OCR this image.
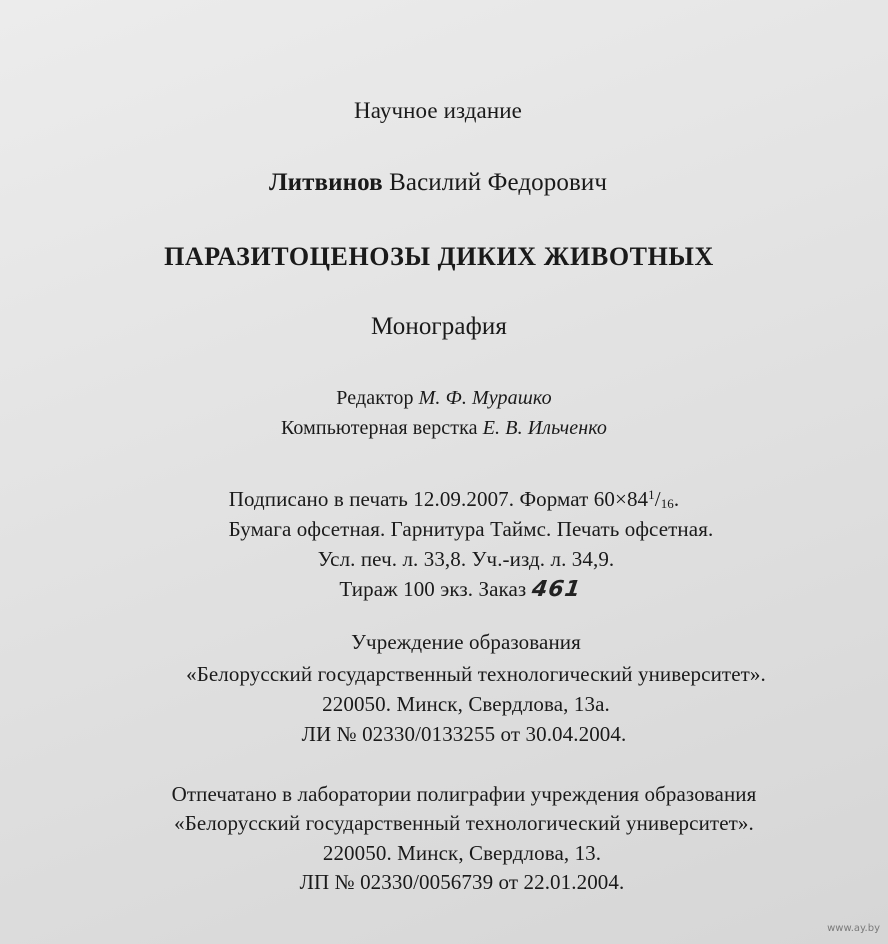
Научное издание
Литвинов Василий Федорович
ПАРАЗИТОЦЕНОЗЫ ДИКИХ ЖИВОТНЫХ
Монография
Редактор М. Ф. Мурашко
Компьютерная верстка Е. В. Ильченко
Подписано в печать 12.09.2007. Формат $60\times 84^1/_{16}$.
Бумага офсетная. Гарнитура Таймс. Печать офсетная.
Усл. печ. л. 33,8. Уч.-изд. л. 34,9.
Тираж 100 экз. Заказ 461
Учреждение образования
«Белорусский государственный технологический университет».
220050. Минск, Свердлова, 13а.
ЛИ № 02330/0133255 от 30.04.2004.
Отпечатано в лаборатории полиграфии учреждения образования
«Белорусский государственный технологический университет».
220050. Минск, Свердлова, 13.
ЛП № 02330/0056739 от 22.01.2004.
www.ay.by
